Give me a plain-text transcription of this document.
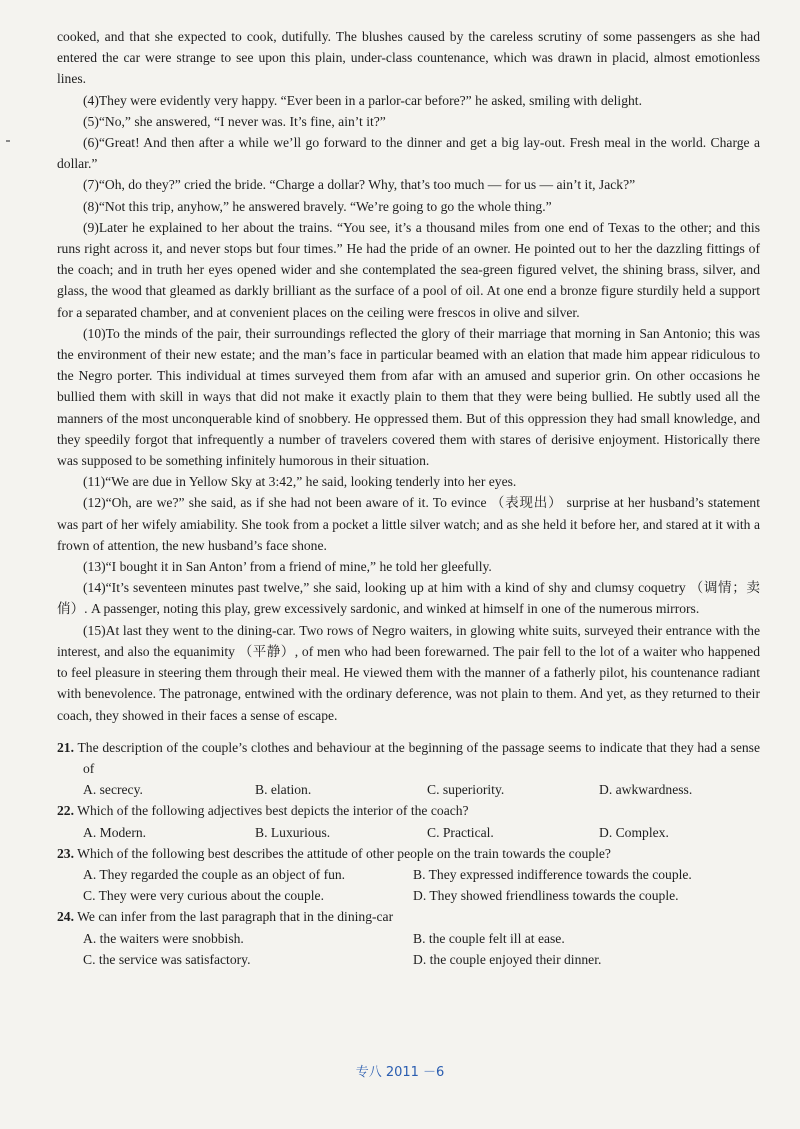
cooked, and that she expected to cook, dutifully. The blushes caused by the careless scrutiny of some passengers as she had entered the car were strange to see upon this plain, under-class countenance, which was drawn in placid, almost emotionless lines.

(4)They were evidently very happy. “Ever been in a parlor-car before?” he asked, smiling with delight.

(5)“No,” she answered, “I never was. It’s fine, ain’t it?”

(6)“Great! And then after a while we’ll go forward to the dinner and get a big lay-out. Fresh meal in the world. Charge a dollar.”

(7)“Oh, do they?” cried the bride. “Charge a dollar? Why, that’s too much — for us — ain’t it, Jack?”

(8)“Not this trip, anyhow,” he answered bravely. “We’re going to go the whole thing.”

(9)Later he explained to her about the trains. “You see, it’s a thousand miles from one end of Texas to the other; and this runs right across it, and never stops but four times.” He had the pride of an owner. He pointed out to her the dazzling fittings of the coach; and in truth her eyes opened wider and she contemplated the sea-green figured velvet, the shining brass, silver, and glass, the wood that gleamed as darkly brilliant as the surface of a pool of oil. At one end a bronze figure sturdily held a support for a separated chamber, and at convenient places on the ceiling were frescos in olive and silver.

(10)To the minds of the pair, their surroundings reflected the glory of their marriage that morning in San Antonio; this was the environment of their new estate; and the man’s face in particular beamed with an elation that made him appear ridiculous to the Negro porter. This individual at times surveyed them from afar with an amused and superior grin. On other occasions he bullied them with skill in ways that did not make it exactly plain to them that they were being bullied. He subtly used all the manners of the most unconquerable kind of snobbery. He oppressed them. But of this oppression they had small knowledge, and they speedily forgot that infrequently a number of travelers covered them with stares of derisive enjoyment. Historically there was supposed to be something infinitely humorous in their situation.

(11)“We are due in Yellow Sky at 3:42,” he said, looking tenderly into her eyes.

(12)“Oh, are we?” she said, as if she had not been aware of it. To evince （表现出） surprise at her husband’s statement was part of her wifely amiability. She took from a pocket a little silver watch; and as she held it before her, and stared at it with a frown of attention, the new husband’s face shone.

(13)“I bought it in San Anton’ from a friend of mine,” he told her gleefully.

(14)“It’s seventeen minutes past twelve,” she said, looking up at him with a kind of shy and clumsy coquetry （调情；卖俏）. A passenger, noting this play, grew excessively sardonic, and winked at himself in one of the numerous mirrors.

(15)At last they went to the dining-car. Two rows of Negro waiters, in glowing white suits, surveyed their entrance with the interest, and also the equanimity （平静）, of men who had been forewarned. The pair fell to the lot of a waiter who happened to feel pleasure in steering them through their meal. He viewed them with the manner of a fatherly pilot, his countenance radiant with benevolence. The patronage, entwined with the ordinary deference, was not plain to them. And yet, as they returned to their coach, they showed in their faces a sense of escape.

21. The description of the couple’s clothes and behaviour at the beginning of the passage seems to indicate that they had a sense of
A. secrecy.	B. elation.	C. superiority.	D. awkwardness.
22. Which of the following adjectives best depicts the interior of the coach?
A. Modern.	B. Luxurious.	C. Practical.	D. Complex.
23. Which of the following best describes the attitude of other people on the train towards the couple?
A. They regarded the couple as an object of fun.	B. They expressed indifference towards the couple.
C. They were very curious about the couple.	D. They showed friendliness towards the couple.
24. We can infer from the last paragraph that in the dining-car
A. the waiters were snobbish.	B. the couple felt ill at ease.
C. the service was satisfactory.	D. the couple enjoyed their dinner.
专八 2011 －6
